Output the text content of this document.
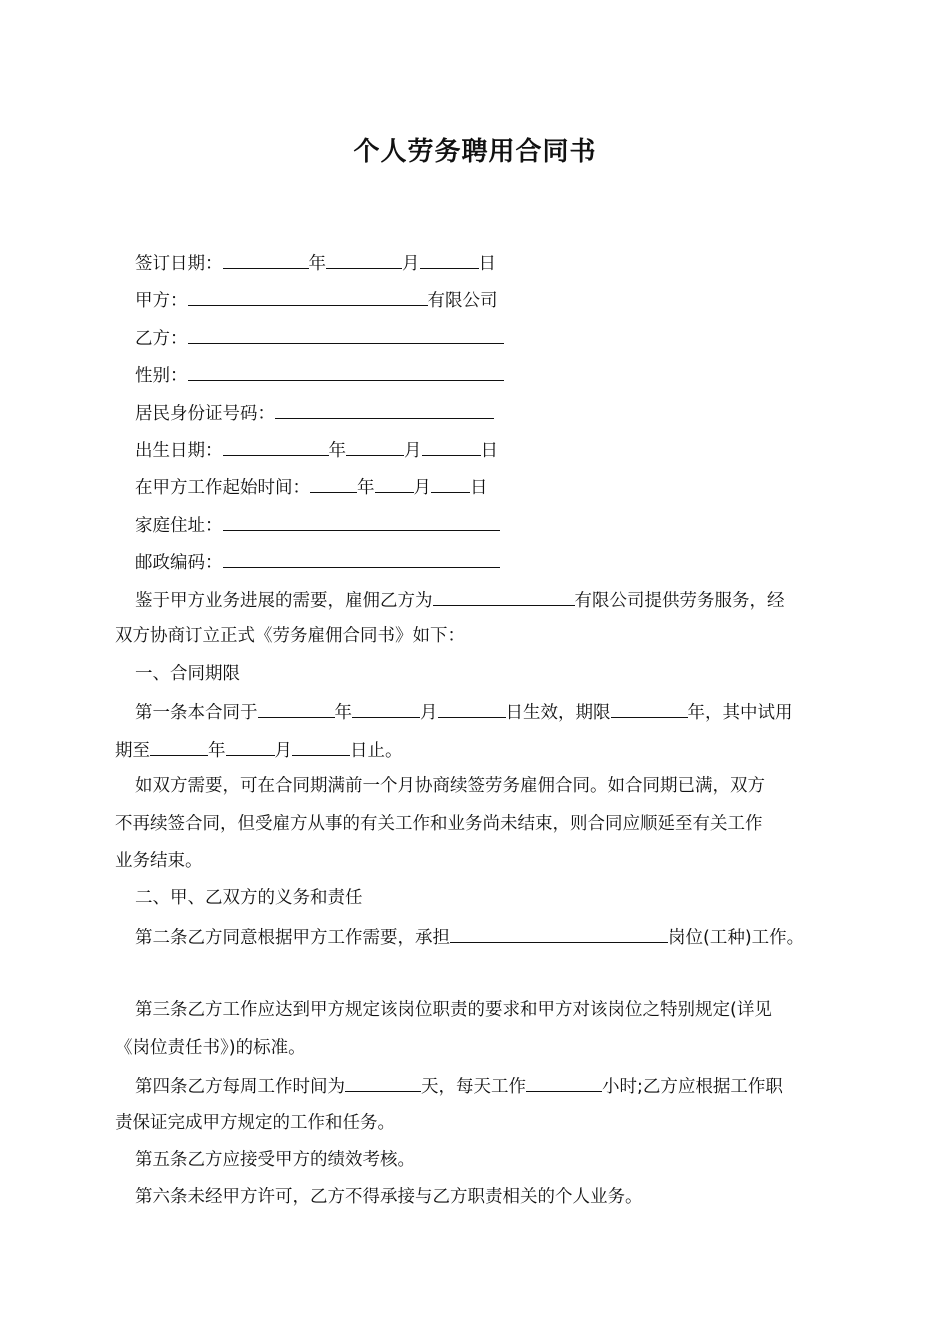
个人劳务聘用合同书
签订日期：	年	月	日
甲方：	有限公司
乙方：
性别：
居民身份证号码：
出生日期：	年	月	日
在甲方工作起始时间：	年 月 日
家庭住址：
邮政编码：
鉴于甲方业务进展的需要，雇佣乙方为	有限公司提供劳务服务，经
双方协商订立正式《劳务雇佣合同书》如下：
一、合同期限
第一条本合同于	年	月	日生效，期限	年，其中试用
期至	年	月	日止。
如双方需要，可在合同期满前一个月协商续签劳务雇佣合同。如合同期已满，双方
不再续签合同，但受雇方从事的有关工作和业务尚未结束，则合同应顺延至有关工作
业务结束。
二、甲、乙双方的义务和责任
第二条乙方同意根据甲方工作需要，承担	岗位(工种)工作。
第三条乙方工作应达到甲方规定该岗位职责的要求和甲方对该岗位之特别规定(详见
《岗位责任书》)的标准。
第四条乙方每周工作时间为	天，每天工作	小时;乙方应根据工作职
责保证完成甲方规定的工作和任务。
第五条乙方应接受甲方的绩效考核。
第六条未经甲方许可，乙方不得承接与乙方职责相关的个人业务。
